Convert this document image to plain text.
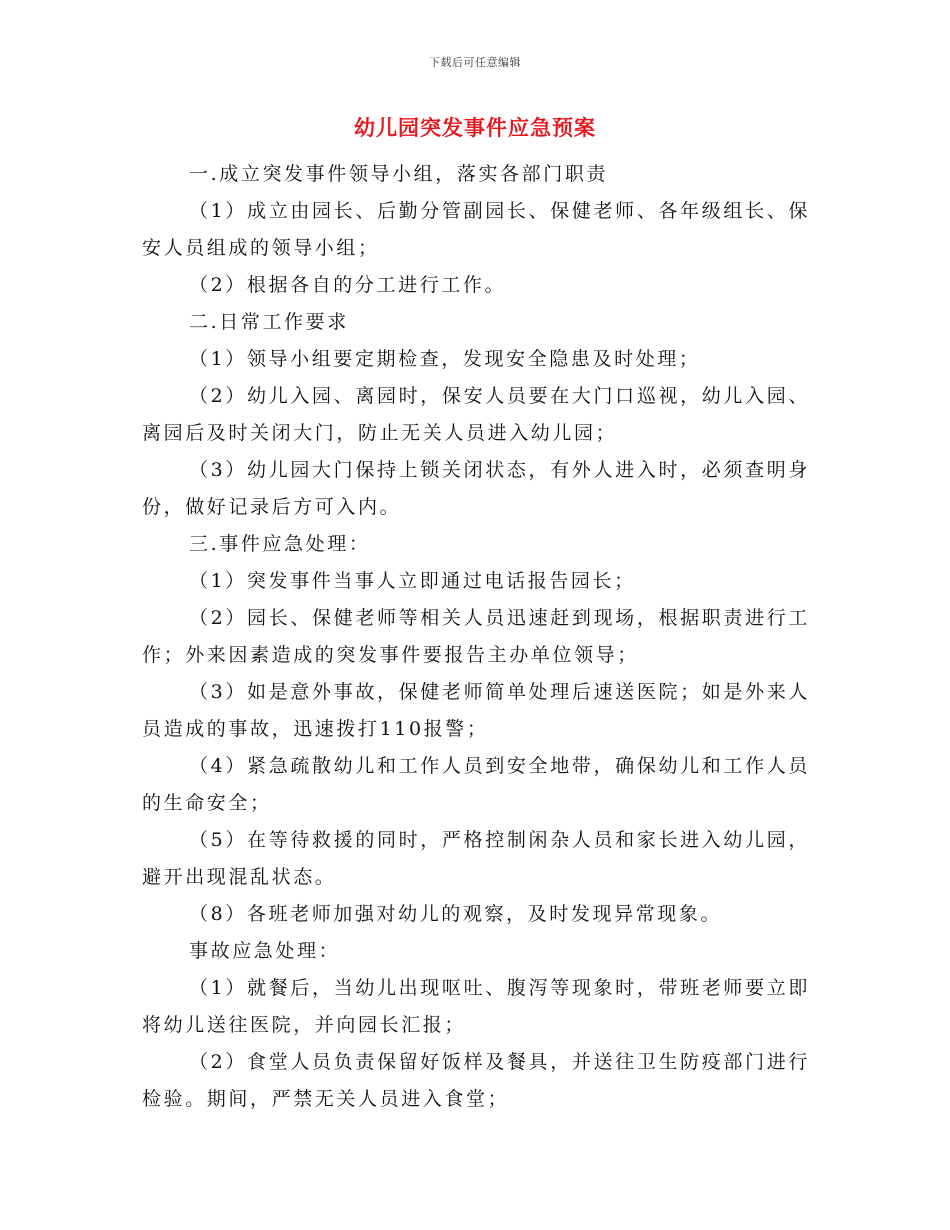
下载后可任意编辑
幼儿园突发事件应急预案

一.成立突发事件领导小组，落实各部门职责

（1）成立由园长、后勤分管副园长、保健老师、各年级组长、保安人员组成的领导小组；

（2）根据各自的分工进行工作。

二.日常工作要求

（1）领导小组要定期检查，发现安全隐患及时处理；

（2）幼儿入园、离园时，保安人员要在大门口巡视，幼儿入园、离园后及时关闭大门，防止无关人员进入幼儿园；

（3）幼儿园大门保持上锁关闭状态，有外人进入时，必须查明身份，做好记录后方可入内。

三.事件应急处理：

（1）突发事件当事人立即通过电话报告园长；

（2）园长、保健老师等相关人员迅速赶到现场，根据职责进行工作；外来因素造成的突发事件要报告主办单位领导；

（3）如是意外事故，保健老师简单处理后速送医院；如是外来人员造成的事故，迅速拨打110报警；

（4）紧急疏散幼儿和工作人员到安全地带，确保幼儿和工作人员的生命安全；

（5）在等待救援的同时，严格控制闲杂人员和家长进入幼儿园，避开出现混乱状态。

（8）各班老师加强对幼儿的观察，及时发现异常现象。

事故应急处理：

（1）就餐后，当幼儿出现呕吐、腹泻等现象时，带班老师要立即将幼儿送往医院，并向园长汇报；

（2）食堂人员负责保留好饭样及餐具，并送往卫生防疫部门进行检验。期间，严禁无关人员进入食堂；
